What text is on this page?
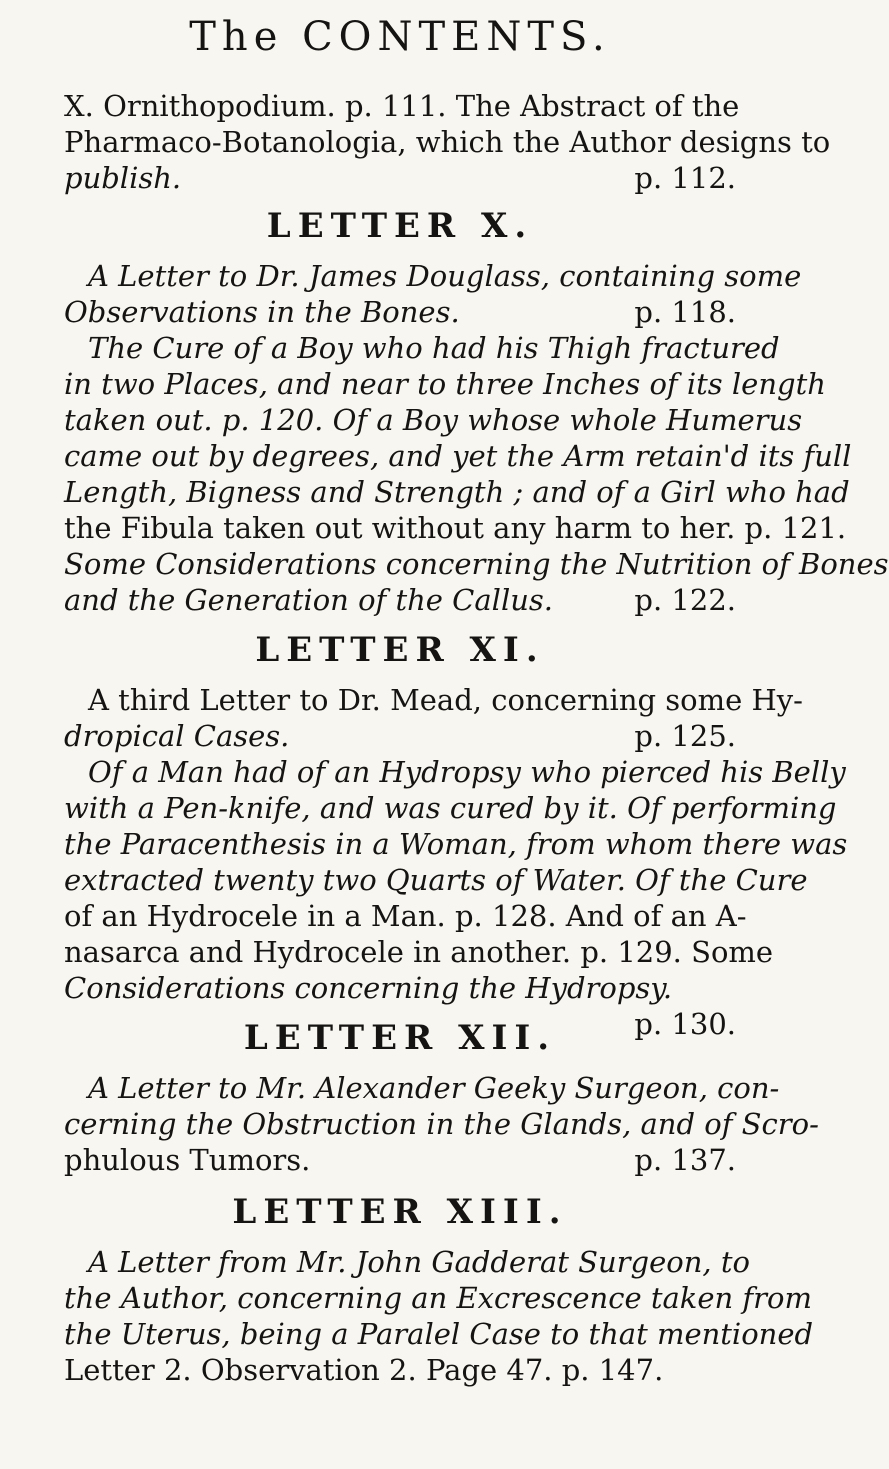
The CONTENTS.
X. Ornithopodium. p. 111. The Abstract of the
Pharmaco-Botanologia, which the Author designs to
publish.	p. 112.
LETTER X.
A Letter to Dr. James Douglass, containing some
Observations in the Bones.	p. 118.
The Cure of a Boy who had his Thigh fractured
in two Places, and near to three Inches of its length
taken out. p. 120. Of a Boy whose whole Humerus
came out by degrees, and yet the Arm retain'd its full
Length, Bigness and Strength ; and of a Girl who had
the Fibula taken out without any harm to her. p. 121.
Some Considerations concerning the Nutrition of Bones
and the Generation of the Callus.	p. 122.
LETTER XI.
A third Letter to Dr. Mead, concerning some Hy-
dropical Cases.	p. 125.
Of a Man had of an Hydropsy who pierced his Belly
with a Pen-knife, and was cured by it. Of performing
the Paracenthesis in a Woman, from whom there was
extracted twenty two Quarts of Water. Of the Cure
of an Hydrocele in a Man. p. 128. And of an A-
nasarca and Hydrocele in another. p. 129. Some
Considerations concerning the Hydropsy.
p. 130.
LETTER XII.
A Letter to Mr. Alexander Geeky Surgeon, con-
cerning the Obstruction in the Glands, and of Scro-
phulous Tumors.	p. 137.
LETTER XIII.
A Letter from Mr. John Gadderat Surgeon, to
the Author, concerning an Excrescence taken from
the Uterus, being a Paralel Case to that mentioned
Letter 2. Observation 2. Page 47. p. 147.
